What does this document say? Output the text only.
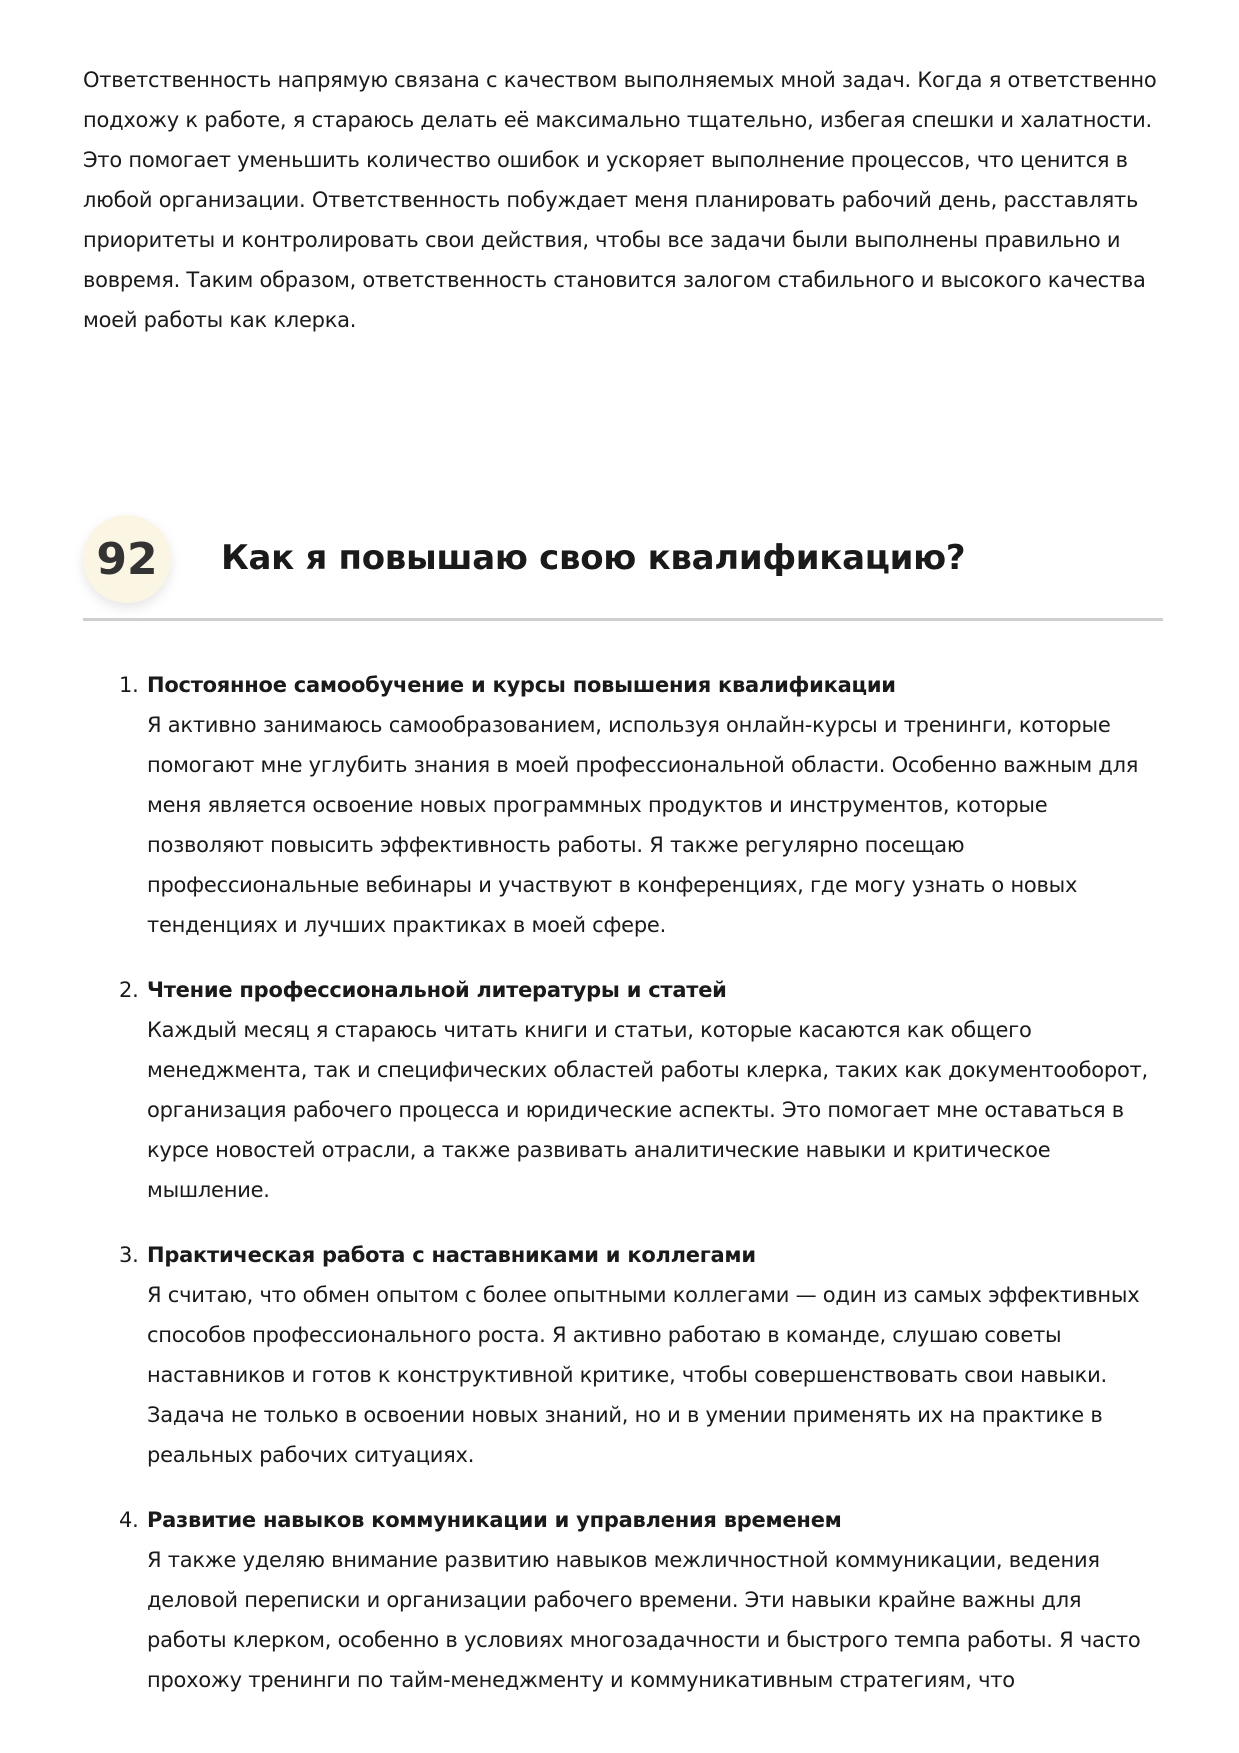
Ответственность напрямую связана с качеством выполняемых мной задач. Когда я ответственно подхожу к работе, я стараюсь делать её максимально тщательно, избегая спешки и халатности. Это помогает уменьшить количество ошибок и ускоряет выполнение процессов, что ценится в любой организации. Ответственность побуждает меня планировать рабочий день, расставлять приоритеты и контролировать свои действия, чтобы все задачи были выполнены правильно и вовремя. Таким образом, ответственность становится залогом стабильного и высокого качества моей работы как клерка.

92	Как я повышаю свою квалификацию?
1. Постоянное самообучение и курсы повышения квалификации
Я активно занимаюсь самообразованием, используя онлайн-курсы и тренинги, которые помогают мне углубить знания в моей профессиональной области. Особенно важным для меня является освоение новых программных продуктов и инструментов, которые позволяют повысить эффективность работы. Я также регулярно посещаю профессиональные вебинары и участвуют в конференциях, где могу узнать о новых тенденциях и лучших практиках в моей сфере.
2. Чтение профессиональной литературы и статей
Каждый месяц я стараюсь читать книги и статьи, которые касаются как общего менеджмента, так и специфических областей работы клерка, таких как документооборот, организация рабочего процесса и юридические аспекты. Это помогает мне оставаться в курсе новостей отрасли, а также развивать аналитические навыки и критическое мышление.
3. Практическая работа с наставниками и коллегами
Я считаю, что обмен опытом с более опытными коллегами — один из самых эффективных способов профессионального роста. Я активно работаю в команде, слушаю советы наставников и готов к конструктивной критике, чтобы совершенствовать свои навыки. Задача не только в освоении новых знаний, но и в умении применять их на практике в реальных рабочих ситуациях.
4. Развитие навыков коммуникации и управления временем
Я также уделяю внимание развитию навыков межличностной коммуникации, ведения деловой переписки и организации рабочего времени. Эти навыки крайне важны для работы клерком, особенно в условиях многозадачности и быстрого темпа работы. Я часто прохожу тренинги по тайм-менеджменту и коммуникативным стратегиям, что
